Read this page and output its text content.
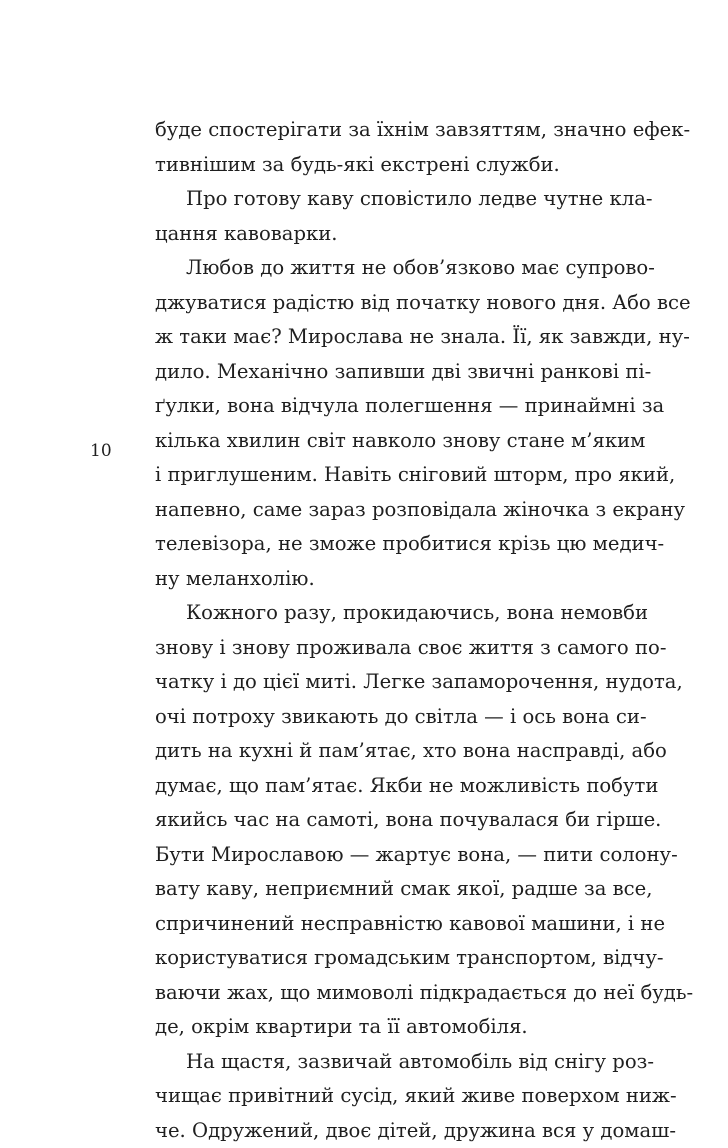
10
буде спостерігати за їхнім завзяттям, значно ефек-
тивнішим за будь-які екстрені служби.
Про готову каву сповістило ледве чутне кла-
цання кавоварки.
Любов до життя не обов’язково має супрово-
джуватися радістю від початку нового дня. Або все
ж таки має? Мирослава не знала. Її, як завжди, ну-
дило. Механічно запивши дві звичні ранкові пі-
ґулки, вона відчула полегшення — принаймні за
кілька хвилин світ навколо знову стане м’яким
і приглушеним. Навіть сніговий шторм, про який,
напевно, саме зараз розповідала жіночка з екрану
телевізора, не зможе пробитися крізь цю медич-
ну меланхолію.
Кожного разу, прокидаючись, вона немовби
знову і знову проживала своє життя з самого по-
чатку і до цієї миті. Легке запаморочення, нудота,
очі потроху звикають до світла — і ось вона си-
дить на кухні й пам’ятає, хто вона насправді, або
думає, що пам’ятає. Якби не можливість побути
якийсь час на самоті, вона почувалася би гірше.
Бути Мирославою — жартує вона, — пити солону-
вату каву, неприємний смак якої, радше за все,
спричинений несправністю кавової машини, і не
користуватися громадським транспортом, відчу-
ваючи жах, що мимоволі підкрадається до неї будь-
де, окрім квартири та її автомобіля.
На щастя, зазвичай автомобіль від снігу роз-
чищає привітний сусід, який живе поверхом ниж-
че. Одружений, двоє дітей, дружина вся у домаш-
